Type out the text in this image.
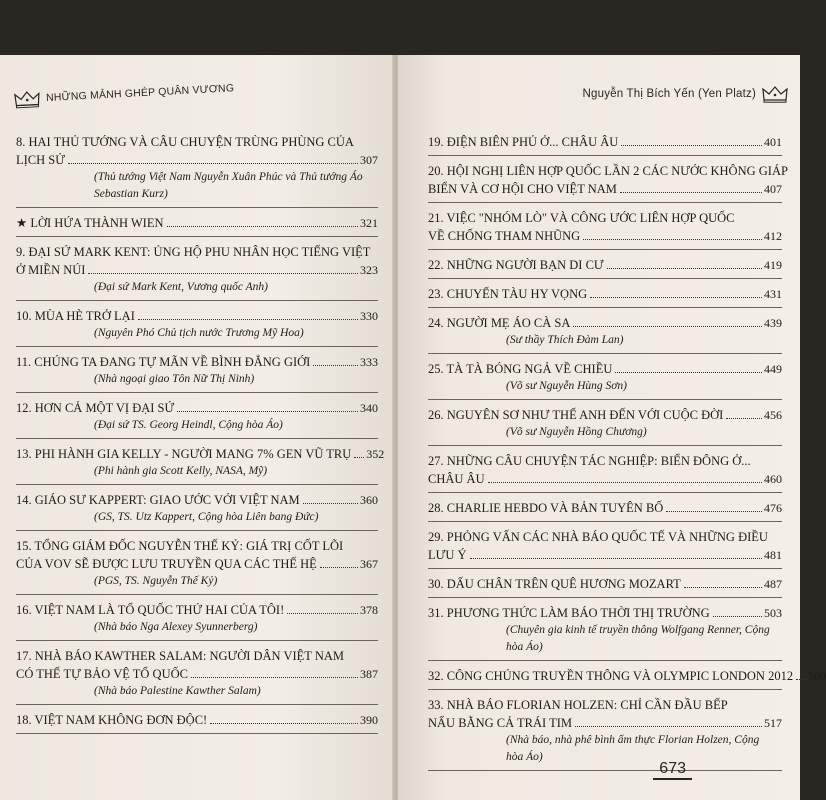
NHỮNG MẢNH GHÉP QUÂN VƯƠNG
8. HAI THỦ TƯỚNG VÀ CÂU CHUYỆN TRÙNG PHÙNG CỦA
LỊCH SỬ	307
(Thủ tướng Việt Nam Nguyễn Xuân Phúc và Thủ tướng Áo Sebastian Kurz)
★ LỜI HỨA THÀNH WIEN	321
9. ĐẠI SỨ MARK KENT: ỦNG HỘ PHU NHÂN HỌC TIẾNG VIỆT
Ở MIỀN NÚI	323
(Đại sứ Mark Kent, Vương quốc Anh)
10. MÙA HÈ TRỞ LẠI	330
(Nguyên Phó Chủ tịch nước Trương Mỹ Hoa)
11. CHÚNG TA ĐANG TỰ MÃN VỀ BÌNH ĐẲNG GIỚI	333
(Nhà ngoại giao Tôn Nữ Thị Ninh)
12. HƠN CẢ MỘT VỊ ĐẠI SỨ	340
(Đại sứ TS. Georg Heindl, Cộng hòa Áo)
13. PHI HÀNH GIA KELLY - NGƯỜI MANG 7% GEN VŨ TRỤ 352
(Phi hành gia Scott Kelly, NASA, Mỹ)
14. GIÁO SƯ KAPPERT: GIAO ƯỚC VỚI VIỆT NAM	360
(GS, TS. Utz Kappert, Cộng hòa Liên bang Đức)
15. TỔNG GIÁM ĐỐC NGUYỄN THẾ KỶ: GIÁ TRỊ CỐT LÕI
CỦA VOV SẼ ĐƯỢC LƯU TRUYỀN QUA CÁC THẾ HỆ	367
(PGS, TS. Nguyễn Thế Kỷ)
16. VIỆT NAM LÀ TỔ QUỐC THỨ HAI CỦA TÔI!	378
(Nhà báo Nga Alexey Syunnerberg)
17. NHÀ BÁO KAWTHER SALAM: NGƯỜI DÂN VIỆT NAM
CÓ THẾ TỰ BẢO VỆ TỔ QUỐC	387
(Nhà báo Palestine Kawther Salam)
18. VIỆT NAM KHÔNG ĐƠN ĐỘC!	390
Nguyễn Thị Bích Yến (Yen Platz)
19. ĐIỆN BIÊN PHỦ Ở... CHÂU ÂU	401
20. HỘI NGHỊ LIÊN HỢP QUỐC LẦN 2 CÁC NƯỚC KHÔNG GIÁP
BIỂN VÀ CƠ HỘI CHO VIỆT NAM	407
21. VIỆC "NHÓM LÒ" VÀ CÔNG ƯỚC LIÊN HỢP QUỐC
VỀ CHỐNG THAM NHŨNG	412
22. NHỮNG NGƯỜI BẠN DI CƯ	419
23. CHUYẾN TÀU HY VỌNG	431
24. NGƯỜI MẸ ÁO CÀ SA	439
(Sư thầy Thích Đàm Lan)
25. TÀ TÀ BÓNG NGẢ VỀ CHIỀU	449
(Võ sư Nguyễn Hùng Sơn)
26. NGUYÊN SƠ NHƯ THẾ ANH ĐẾN VỚI CUỘC ĐỜI	456
(Võ sư Nguyễn Hồng Chương)
27. NHỮNG CÂU CHUYỆN TÁC NGHIỆP: BIỂN ĐÔNG Ở...
CHÂU ÂU	460
28. CHARLIE HEBDO VÀ BẢN TUYÊN BỐ	476
29. PHỎNG VẤN CÁC NHÀ BÁO QUỐC TẾ VÀ NHỮNG ĐIỀU
LƯU Ý	481
30. DẤU CHÂN TRÊN QUÊ HƯƠNG MOZART	487
31. PHƯƠNG THỨC LÀM BÁO THỜI THỊ TRƯỜNG	503
(Chuyên gia kinh tế truyền thông Wolfgang Renner, Cộng hòa Áo)
32. CÔNG CHÚNG TRUYỀN THÔNG VÀ OLYMPIC LONDON 2012 509
33. NHÀ BÁO FLORIAN HOLZEN: CHỈ CẦN ĐẦU BẾP
NẤU BẰNG CẢ TRÁI TIM	517
(Nhà báo, nhà phê bình ẩm thực Florian Holzen, Cộng hòa Áo)
673
